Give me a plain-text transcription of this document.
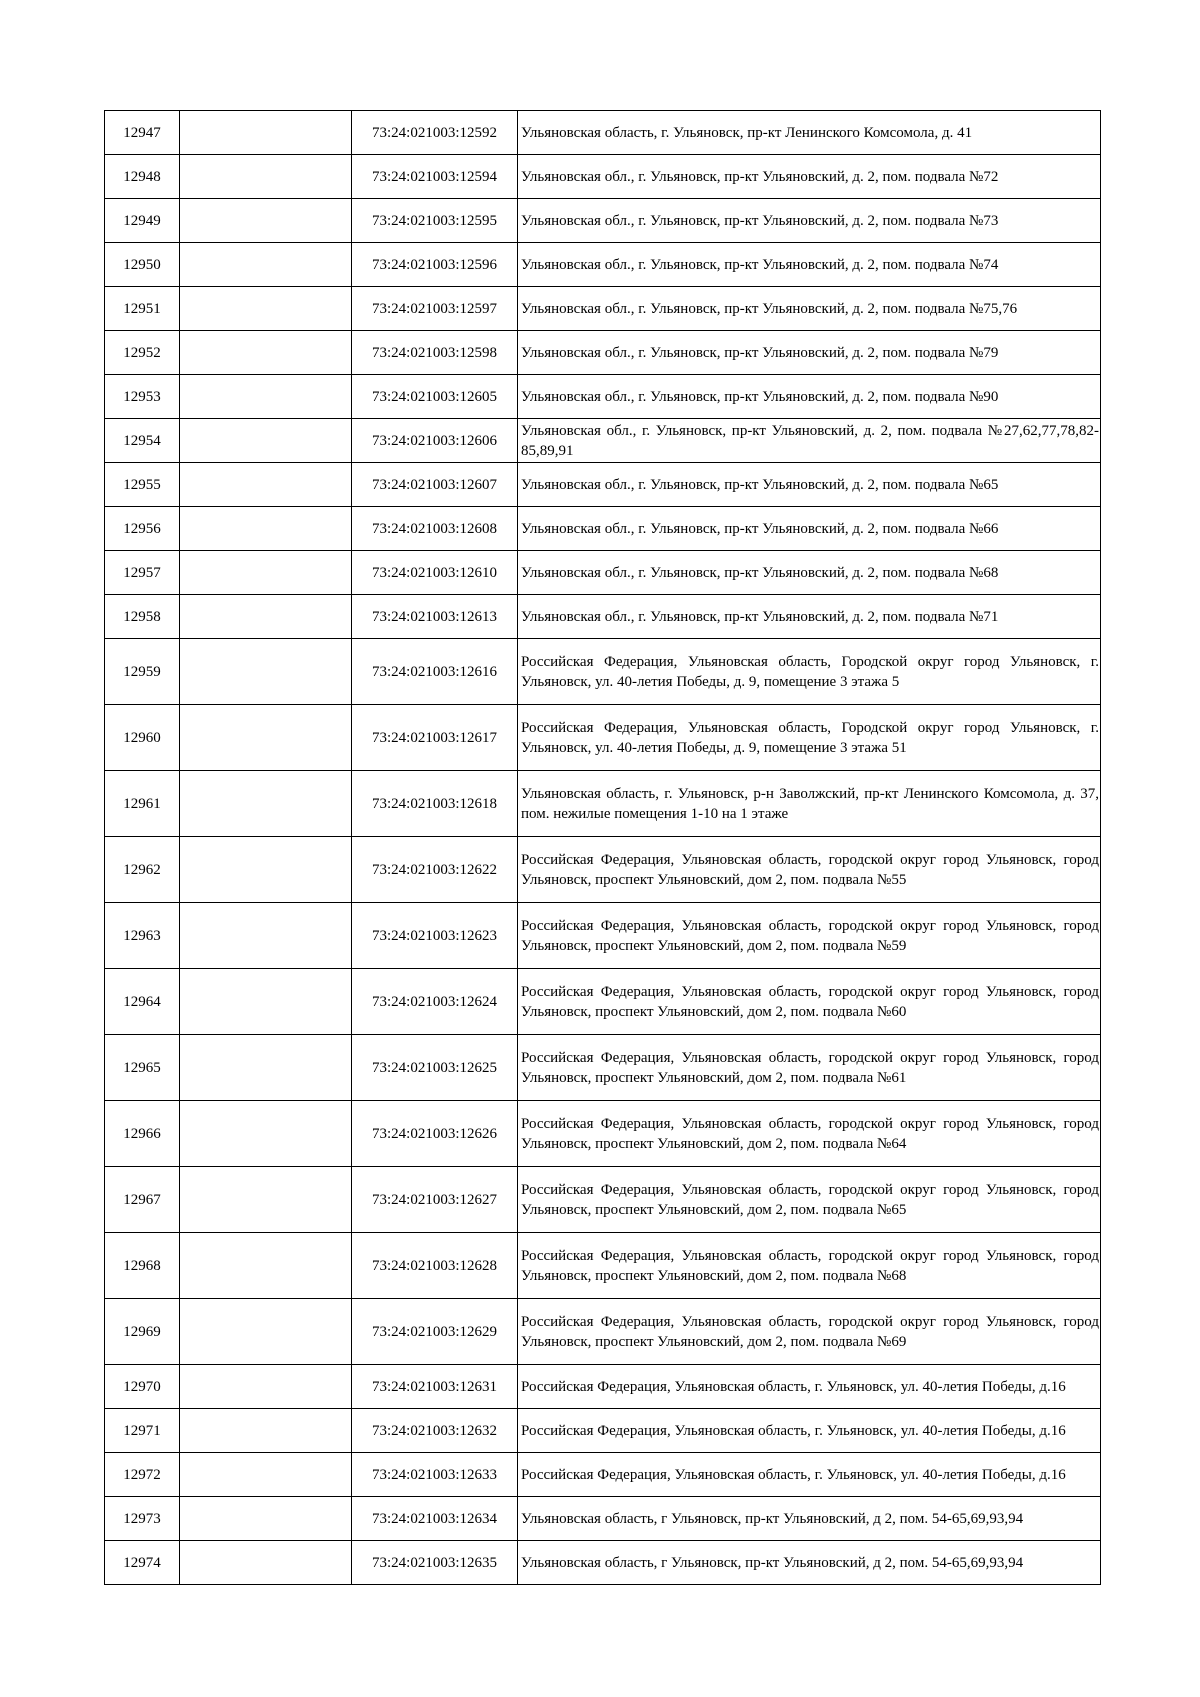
12947		73:24:021003:12592	Ульяновская область, г. Ульяновск, пр-кт Ленинского Комсомола, д. 41
12948		73:24:021003:12594	Ульяновская обл., г. Ульяновск, пр-кт Ульяновский, д. 2, пом. подвала №72
12949		73:24:021003:12595	Ульяновская обл., г. Ульяновск, пр-кт Ульяновский, д. 2, пом. подвала №73
12950		73:24:021003:12596	Ульяновская обл., г. Ульяновск, пр-кт Ульяновский, д. 2, пом. подвала №74
12951		73:24:021003:12597	Ульяновская обл., г. Ульяновск, пр-кт Ульяновский, д. 2, пом. подвала №75,76
12952		73:24:021003:12598	Ульяновская обл., г. Ульяновск, пр-кт Ульяновский, д. 2, пом. подвала №79
12953		73:24:021003:12605	Ульяновская обл., г. Ульяновск, пр-кт Ульяновский, д. 2, пом. подвала №90
12954		73:24:021003:12606	Ульяновская обл., г. Ульяновск, пр-кт Ульяновский, д. 2, пом. подвала №27,62,77,78,82-85,89,91
12955		73:24:021003:12607	Ульяновская обл., г. Ульяновск, пр-кт Ульяновский, д. 2, пом. подвала №65
12956		73:24:021003:12608	Ульяновская обл., г. Ульяновск, пр-кт Ульяновский, д. 2, пом. подвала №66
12957		73:24:021003:12610	Ульяновская обл., г. Ульяновск, пр-кт Ульяновский, д. 2, пом. подвала №68
12958		73:24:021003:12613	Ульяновская обл., г. Ульяновск, пр-кт Ульяновский, д. 2, пом. подвала №71
12959		73:24:021003:12616	Российская Федерация, Ульяновская область, Городской округ город Ульяновск, г. Ульяновск, ул. 40-летия Победы, д. 9, помещение 3 этажа 5
12960		73:24:021003:12617	Российская Федерация, Ульяновская область, Городской округ город Ульяновск, г. Ульяновск, ул. 40-летия Победы, д. 9, помещение 3 этажа 51
12961		73:24:021003:12618	Ульяновская область, г. Ульяновск, р-н Заволжский, пр-кт Ленинского Комсомола, д. 37, пом. нежилые помещения 1-10 на 1 этаже
12962		73:24:021003:12622	Российская Федерация, Ульяновская область, городской округ город Ульяновск, город Ульяновск, проспект Ульяновский, дом 2, пом. подвала №55
12963		73:24:021003:12623	Российская Федерация, Ульяновская область, городской округ город Ульяновск, город Ульяновск, проспект Ульяновский, дом 2, пом. подвала №59
12964		73:24:021003:12624	Российская Федерация, Ульяновская область, городской округ город Ульяновск, город Ульяновск, проспект Ульяновский, дом 2, пом. подвала №60
12965		73:24:021003:12625	Российская Федерация, Ульяновская область, городской округ город Ульяновск, город Ульяновск, проспект Ульяновский, дом 2, пом. подвала №61
12966		73:24:021003:12626	Российская Федерация, Ульяновская область, городской округ город Ульяновск, город Ульяновск, проспект Ульяновский, дом 2, пом. подвала №64
12967		73:24:021003:12627	Российская Федерация, Ульяновская область, городской округ город Ульяновск, город Ульяновск, проспект Ульяновский, дом 2, пом. подвала №65
12968		73:24:021003:12628	Российская Федерация, Ульяновская область, городской округ город Ульяновск, город Ульяновск, проспект Ульяновский, дом 2, пом. подвала №68
12969		73:24:021003:12629	Российская Федерация, Ульяновская область, городской округ город Ульяновск, город Ульяновск, проспект Ульяновский, дом 2, пом. подвала №69
12970		73:24:021003:12631	Российская Федерация, Ульяновская область, г. Ульяновск, ул. 40-летия Победы, д.16
12971		73:24:021003:12632	Российская Федерация, Ульяновская область, г. Ульяновск, ул. 40-летия Победы, д.16
12972		73:24:021003:12633	Российская Федерация, Ульяновская область, г. Ульяновск, ул. 40-летия Победы, д.16
12973		73:24:021003:12634	Ульяновская область, г Ульяновск, пр-кт Ульяновский, д 2, пом. 54-65,69,93,94
12974		73:24:021003:12635	Ульяновская область, г Ульяновск, пр-кт Ульяновский, д 2, пом. 54-65,69,93,94
